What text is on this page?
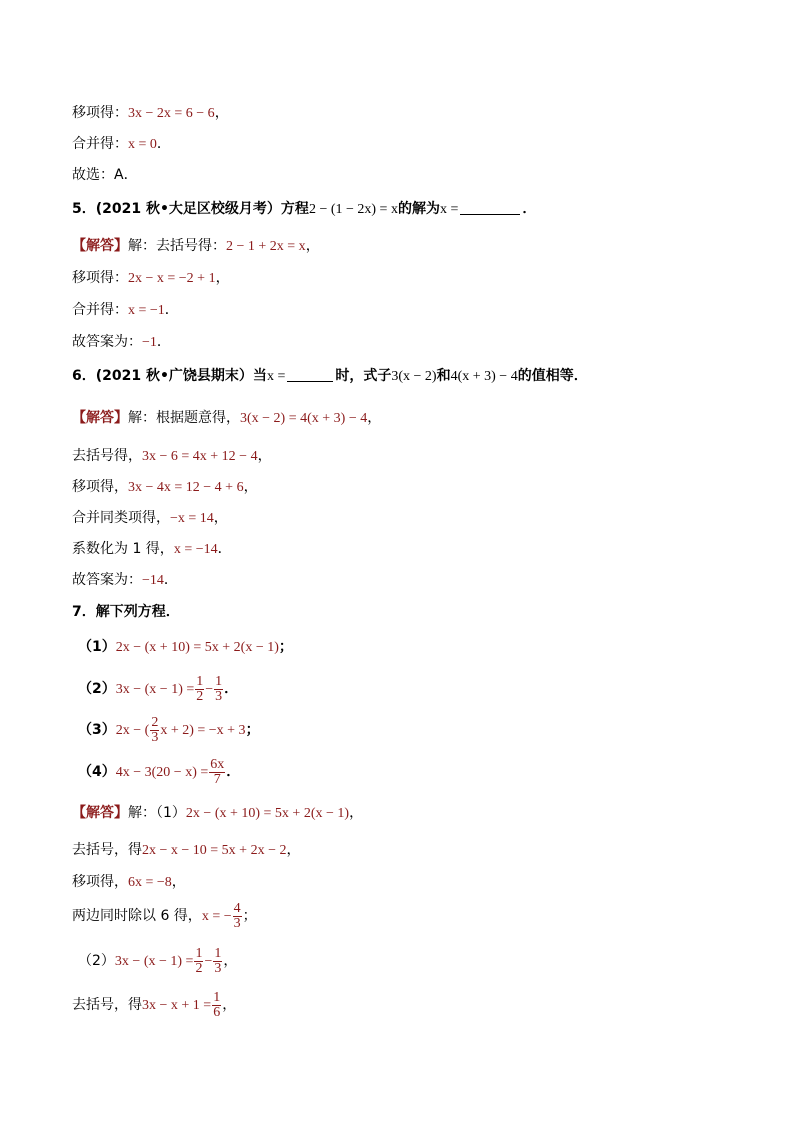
移项得：3x − 2x = 6 − 6，
合并得：x = 0．
故选：A．
5．(2021 秋•大足区校级月考）方程2 − (1 − 2x) = x的解为x =	．
【解答】解：去括号得：2 − 1 + 2x = x，
移项得：2x − x = −2 + 1，
合并得：x = −1．
故答案为：−1．
6．(2021 秋•广饶县期末）当x =	时，式子3(x − 2)和4(x + 3) − 4的值相等．
【解答】解：根据题意得，3(x − 2) = 4(x + 3) − 4，
去括号得，3x − 6 = 4x + 12 − 4，
移项得，3x − 4x = 12 − 4 + 6，
合并同类项得，−x = 14，
系数化为 1 得，x = −14．
故答案为：−14．
7．解下列方程．
（1）2x − (x + 10) = 5x + 2(x − 1)；
$(2)3x - (x - 1) = \frac{1}{2} - \frac{1}{3}$ ．
（3）2x − ( $\frac{2}{3}$ x + 2) = −x + 3；
$(4)4x - 3(20 - x) = \frac{6x}{7}$ ．
【解答】解：（1）2x − (x + 10) = 5x + 2(x − 1)，
去括号，得2x − x − 10 = 5x + 2x − 2，
移项得，6x = −8，
两边同时除以 6 得，x = − $\frac{4}{3}$ ；
$(2)3x - (x - 1) = \frac{1}{2} - \frac{1}{3}$ ，
去括号，得$3x - x + 1 = \frac{1}{6}$ ，
